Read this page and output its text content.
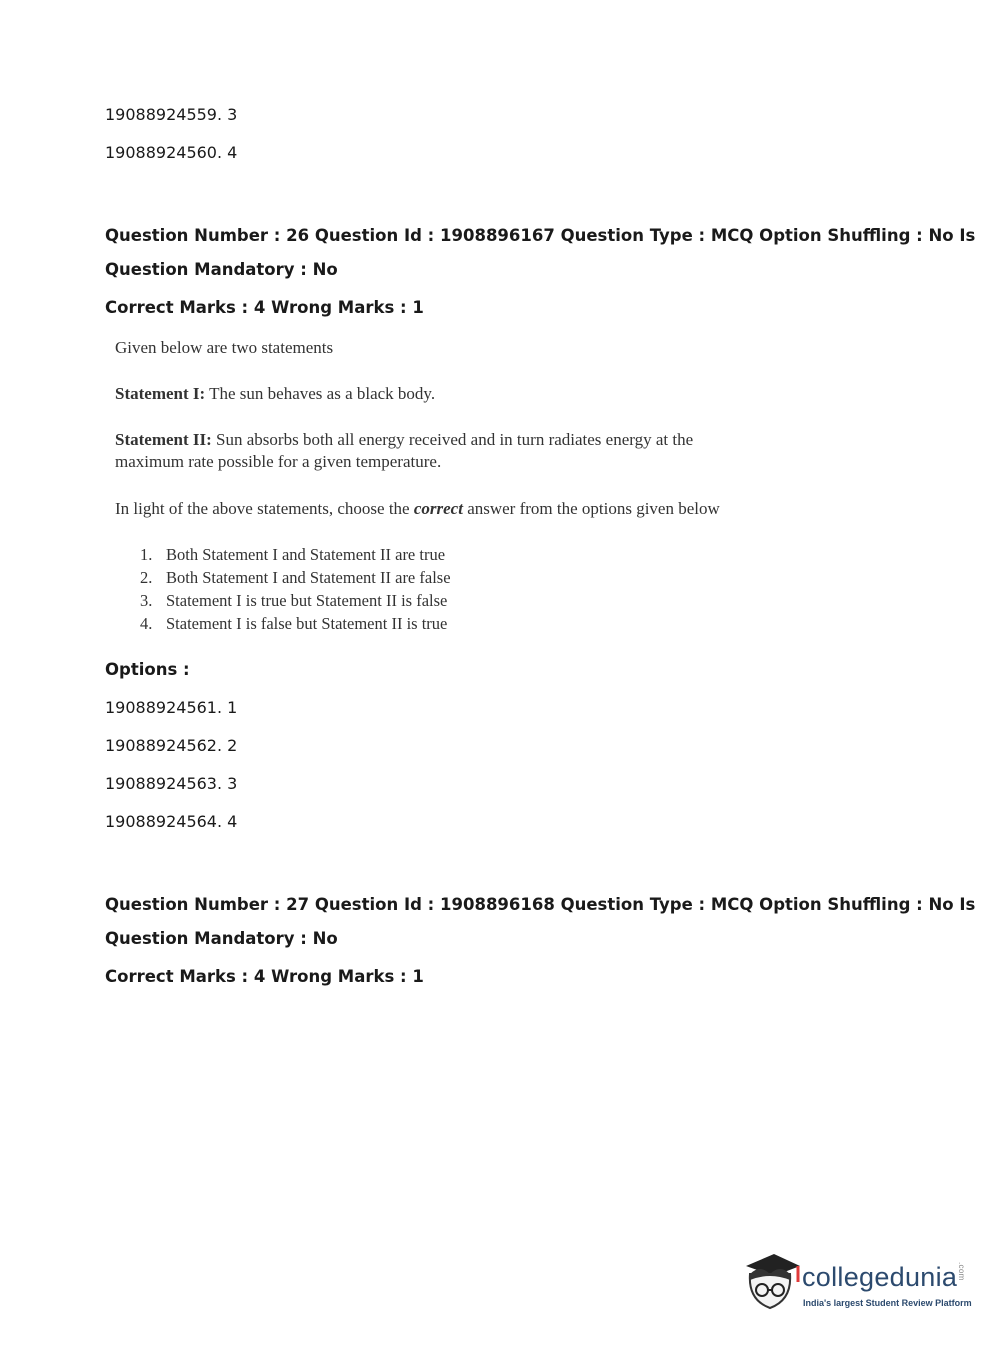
19088924559. 3
19088924560. 4
Question Number : 26 Question Id : 1908896167 Question Type : MCQ Option Shuffling : No Is
Question Mandatory : No
Correct Marks : 4 Wrong Marks : 1
Given below are two statements
Statement I: The sun behaves as a black body.
Statement II: Sun absorbs both all energy received and in turn radiates energy at the
maximum rate possible for a given temperature.
In light of the above statements, choose the correct answer from the options given below
1. Both Statement I and Statement II are true
2. Both Statement I and Statement II are false
3. Statement I is true but Statement II is false
4. Statement I is false but Statement II is true
Options :
19088924561. 1
19088924562. 2
19088924563. 3
19088924564. 4
Question Number : 27 Question Id : 1908896168 Question Type : MCQ Option Shuffling : No Is
Question Mandatory : No
Correct Marks : 4 Wrong Marks : 1
collegedunia.com
India's largest Student Review Platform
